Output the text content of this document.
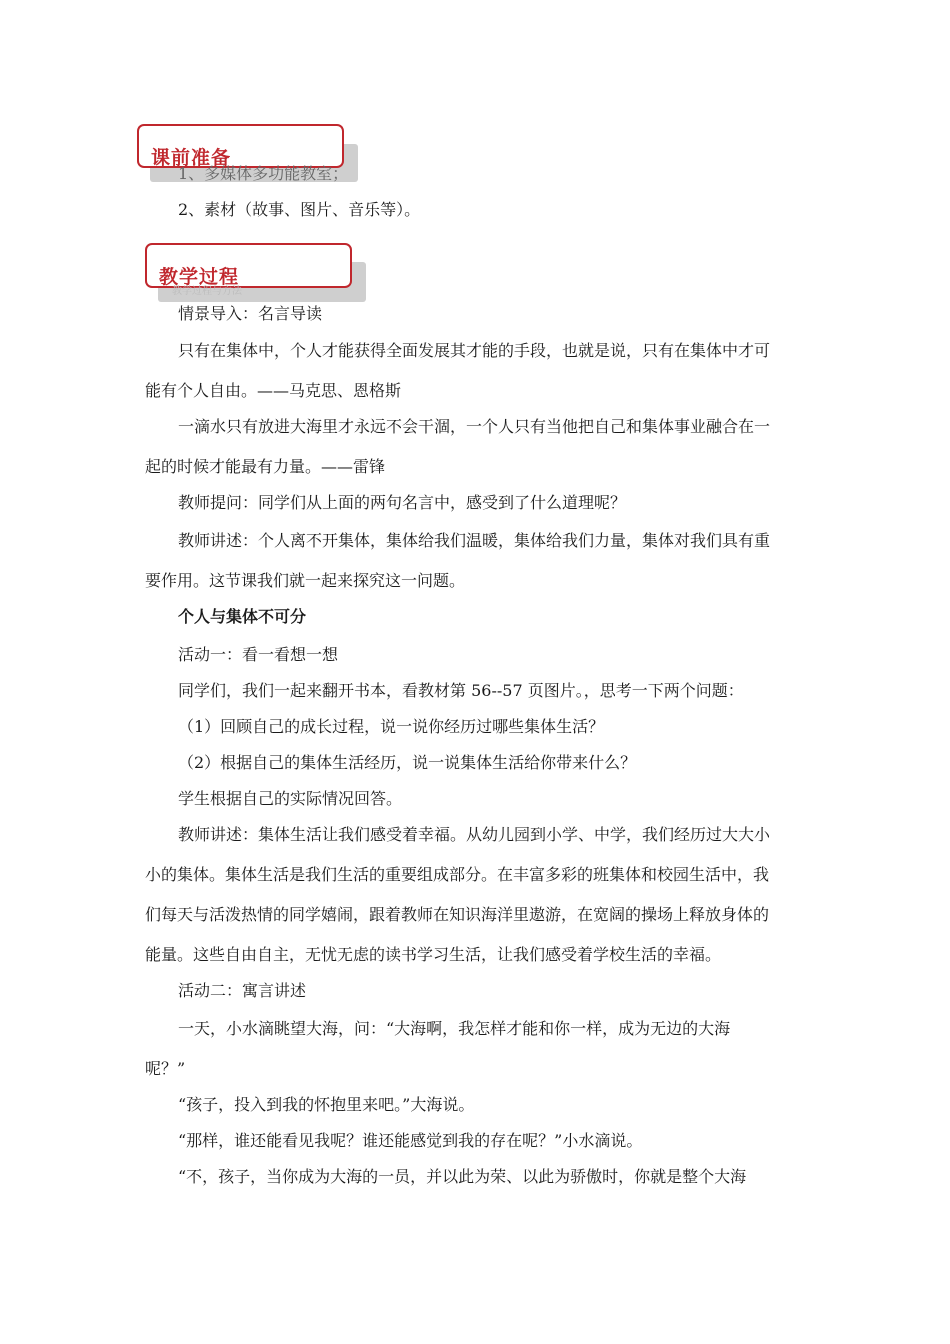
课前准备
1、多媒体多功能教室；
2、素材（故事、图片、音乐等）。
教学过程
教学过程与方法
情景导入：名言导读
只有在集体中，个人才能获得全面发展其才能的手段，也就是说，只有在集体中才可
能有个人自由。——马克思、恩格斯
一滴水只有放进大海里才永远不会干涸，一个人只有当他把自己和集体事业融合在一
起的时候才能最有力量。——雷锋
教师提问：同学们从上面的两句名言中，感受到了什么道理呢？
教师讲述：个人离不开集体，集体给我们温暖，集体给我们力量，集体对我们具有重
要作用。这节课我们就一起来探究这一问题。
个人与集体不可分
活动一：看一看想一想
同学们，我们一起来翻开书本，看教材第 56--57 页图片。，思考一下两个问题：
（1）回顾自己的成长过程，说一说你经历过哪些集体生活？
（2）根据自己的集体生活经历，说一说集体生活给你带来什么？
学生根据自己的实际情况回答。
教师讲述：集体生活让我们感受着幸福。从幼儿园到小学、中学，我们经历过大大小
小的集体。集体生活是我们生活的重要组成部分。在丰富多彩的班集体和校园生活中，我
们每天与活泼热情的同学嬉闹，跟着教师在知识海洋里遨游，在宽阔的操场上释放身体的
能量。这些自由自主，无忧无虑的读书学习生活，让我们感受着学校生活的幸福。
活动二：寓言讲述
一天，小水滴眺望大海，问：“大海啊，我怎样才能和你一样，成为无边的大海
呢？”
“孩子，投入到我的怀抱里来吧。”大海说。
“那样，谁还能看见我呢？谁还能感觉到我的存在呢？”小水滴说。
“不，孩子，当你成为大海的一员，并以此为荣、以此为骄傲时，你就是整个大海
